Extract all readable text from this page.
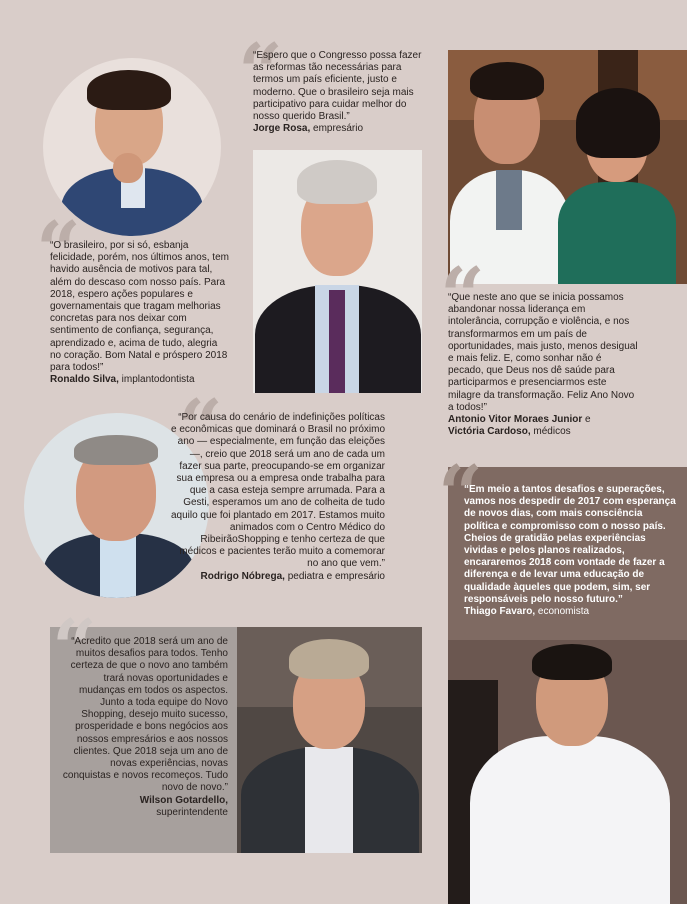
“
“Espero que o Congresso possa fazer as reformas tão necessárias para termos um país eficiente, justo e moderno. Que o brasileiro seja mais participativo para cuidar melhor do nosso querido Brasil.”
Jorge Rosa, empresário
“
“O brasileiro, por si só, esbanja felicidade, porém, nos últimos anos, tem havido ausência de motivos para tal, além do descaso com nosso país. Para 2018, espero ações populares e governamentais que tragam melhorias concretas para nos deixar com sentimento de confiança, segurança, aprendizado e, acima de tudo, alegria no coração. Bom Natal e próspero 2018 para todos!”
Ronaldo Silva, implantodontista
“
“Que neste ano que se inicia possamos abandonar nossa liderança em intolerância, corrupção e violência, e nos transformarmos em um país de oportunidades, mais justo, menos desigual e mais feliz. E, como sonhar não é pecado, que Deus nos dê saúde para participarmos e presenciarmos este milagre da transformação. Feliz Ano Novo a todos!”
Antonio Vitor Moraes Junior e
Victória Cardoso, médicos
“
“Por causa do cenário de indefinições políticas e econômicas que dominará o Brasil no próximo ano — especialmente, em função das eleições —, creio que 2018 será um ano de cada um fazer sua parte, preocupando-se em organizar sua empresa ou a empresa onde trabalha para que a casa esteja sempre arrumada. Para a Gesti, esperamos um ano de colheita de tudo aquilo que foi plantado em 2017. Estamos muito animados com o Centro Médico do RibeirãoShopping e tenho certeza de que médicos e pacientes terão muito a comemorar no ano que vem.”
Rodrigo Nóbrega, pediatra e empresário
“
“Em meio a tantos desafios e superações, vamos nos despedir de 2017 com esperança de novos dias, com mais consciência política e compromisso com o nosso país. Cheios de gratidão pelas experiências vividas e pelos planos realizados, encararemos 2018 com vontade de fazer a diferença e de levar uma educação de qualidade àqueles que podem, sim, ser responsáveis pelo nosso futuro.”
Thiago Favaro, economista
“
“Acredito que 2018 será um ano de muitos desafios para todos. Tenho certeza de que o novo ano também trará novas oportunidades e mudanças em todos os aspectos. Junto a toda equipe do Novo Shopping, desejo muito sucesso, prosperidade e bons negócios aos nossos empresários e aos nossos clientes. Que 2018 seja um ano de novas experiências, novas conquistas e novos recomeços. Tudo novo de novo.”
Wilson Gotardello,
superintendente
